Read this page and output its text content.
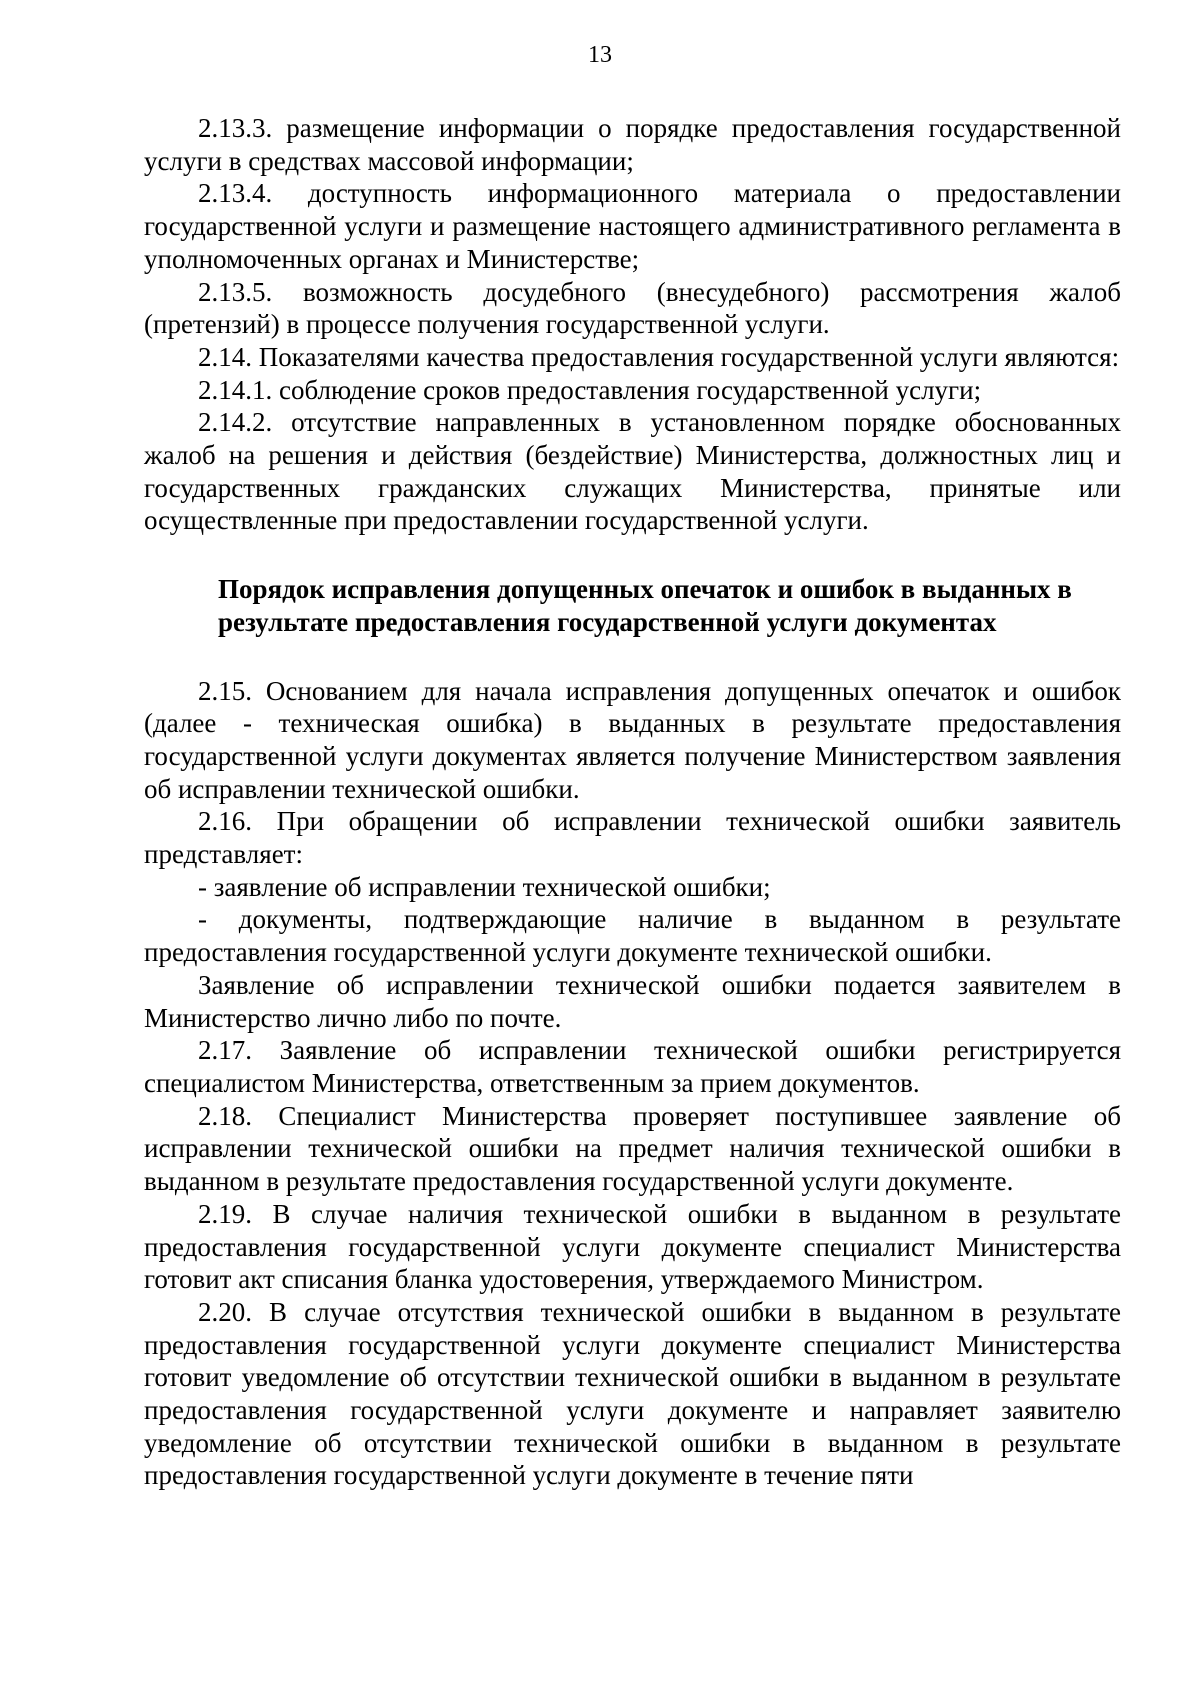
13

2.13.3. размещение информации о порядке предоставления государственной услуги в средствах массовой информации;

2.13.4. доступность информационного материала о предоставлении государственной услуги и размещение настоящего административного регламента в уполномоченных органах и Министерстве;

2.13.5. возможность досудебного (внесудебного) рассмотрения жалоб (претензий) в процессе получения государственной услуги.

2.14. Показателями качества предоставления государственной услуги являются:

2.14.1. соблюдение сроков предоставления государственной услуги;

2.14.2. отсутствие направленных в установленном порядке обоснованных жалоб на решения и действия (бездействие) Министерства, должностных лиц и государственных гражданских служащих Министерства, принятые или осуществленные при предоставлении государственной услуги.

Порядок исправления допущенных опечаток и ошибок в выданных в результате предоставления государственной услуги документах

2.15. Основанием для начала исправления допущенных опечаток и ошибок (далее - техническая ошибка) в выданных в результате предоставления государственной услуги документах является получение Министерством заявления об исправлении технической ошибки.

2.16. При обращении об исправлении технической ошибки заявитель представляет:

- заявление об исправлении технической ошибки;

- документы, подтверждающие наличие в выданном в результате предоставления государственной услуги документе технической ошибки.

Заявление об исправлении технической ошибки подается заявителем в Министерство лично либо по почте.

2.17. Заявление об исправлении технической ошибки регистрируется специалистом Министерства, ответственным за прием документов.

2.18. Специалист Министерства проверяет поступившее заявление об исправлении технической ошибки на предмет наличия технической ошибки в выданном в результате предоставления государственной услуги документе.

2.19. В случае наличия технической ошибки в выданном в результате предоставления государственной услуги документе специалист Министерства готовит акт списания бланка удостоверения, утверждаемого Министром.

2.20. В случае отсутствия технической ошибки в выданном в результате предоставления государственной услуги документе специалист Министерства готовит уведомление об отсутствии технической ошибки в выданном в результате предоставления государственной услуги документе и направляет заявителю уведомление об отсутствии технической ошибки в выданном в результате предоставления государственной услуги документе в течение пяти
